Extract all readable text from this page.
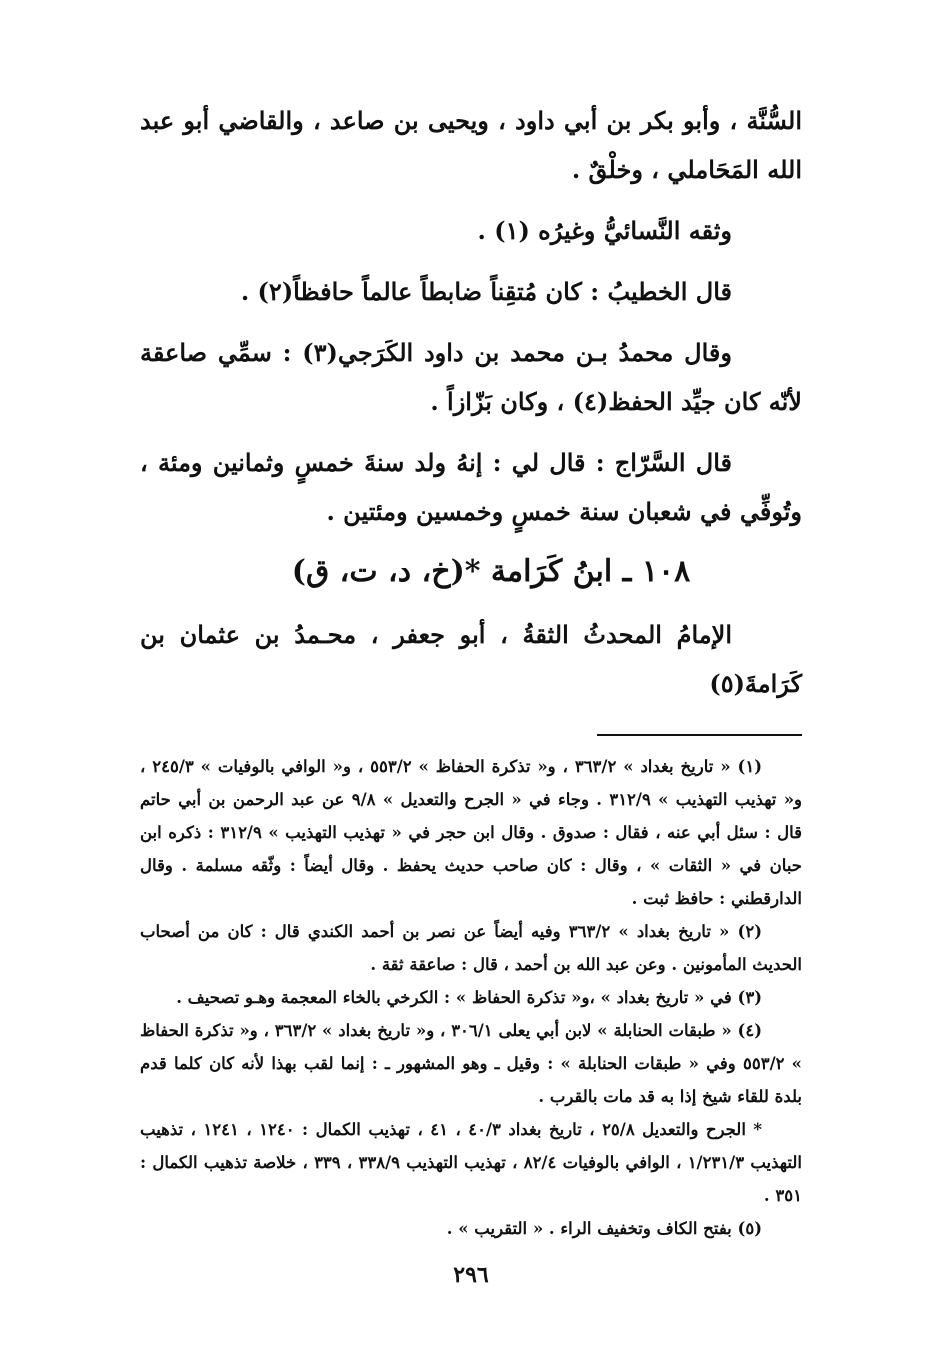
السُّنَّة ، وأبو بكر بن أبي داود ، ويحيى بن صاعد ، والقاضي أبو عبد الله المَحَاملي ، وخلْقٌ .

وثقه النَّسائيُّ وغيرُه (١) .

قال الخطيبُ : كان مُتقِناً ضابطاً عالماً حافظاً(٢) .

وقال محمدُ بـن محمد بن داود الكَرَجي(٣) : سمِّي صاعقة لأنّه كان جيِّد الحفظ(٤) ، وكان بَزّازاً .

قال السَّرّاج : قال لي : إنهُ ولد سنةَ خمسٍ وثمانين ومئة ، وتُوفِّي في شعبان سنة خمسٍ وخمسين ومئتين .

١٠٨ ـ ابنُ كَرَامة *(خ، د، ت، ق)

الإمامُ المحدثُ الثقةُ ، أبو جعفر ، محـمدُ بن عثمان بن كَرَامةَ(٥)

(١) « تاريخ بغداد » ٣٦٣/٢ ، و« تذكرة الحفاظ » ٥٥٣/٢ ، و« الوافي بالوفيات » ٢٤٥/٣ ، و« تهذيب التهذيب » ٣١٢/٩ . وجاء في « الجرح والتعديل » ٩/٨ عن عبد الرحمن بن أبي حاتم قال : سئل أبي عنه ، فقال : صدوق . وقال ابن حجر في « تهذيب التهذيب » ٣١٢/٩ : ذكره ابن حبان في « الثقات » ، وقال : كان صاحب حديث يحفظ . وقال أيضاً : وثّقه مسلمة . وقال الدارقطني : حافظ ثبت .

(٢) « تاريخ بغداد » ٣٦٣/٢ وفيه أيضاً عن نصر بن أحمد الكندي قال : كان من أصحاب الحديث المأمونين . وعن عبد الله بن أحمد ، قال : صاعقة ثقة .

(٣) في « تاريخ بغداد » ،و« تذكرة الحفاظ » : الكرخي بالخاء المعجمة وهـو تصحيف .

(٤) « طبقات الحنابلة » لابن أبي يعلى ٣٠٦/١ ، و« تاريخ بغداد » ٣٦٣/٢ ، و« تذكرة الحفاظ » ٥٥٣/٢ وفي « طبقات الحنابلة » : وقيل ـ وهو المشهور ـ : إنما لقب بهذا لأنه كان كلما قدم بلدة للقاء شيخ إذا به قد مات بالقرب .

* الجرح والتعديل ٢٥/٨ ، تاريخ بغداد ٤٠/٣ ، ٤١ ، تهذيب الكمال : ١٢٤٠ ، ١٢٤١ ، تذهيب التهذيب ١/٢٣١/٣ ، الوافي بالوفيات ٨٢/٤ ، تهذيب التهذيب ٣٣٨/٩ ، ٣٣٩ ، خلاصة تذهيب الكمال : ٣٥١ .

(٥) بفتح الكاف وتخفيف الراء . « التقريب » .

٢٩٦
